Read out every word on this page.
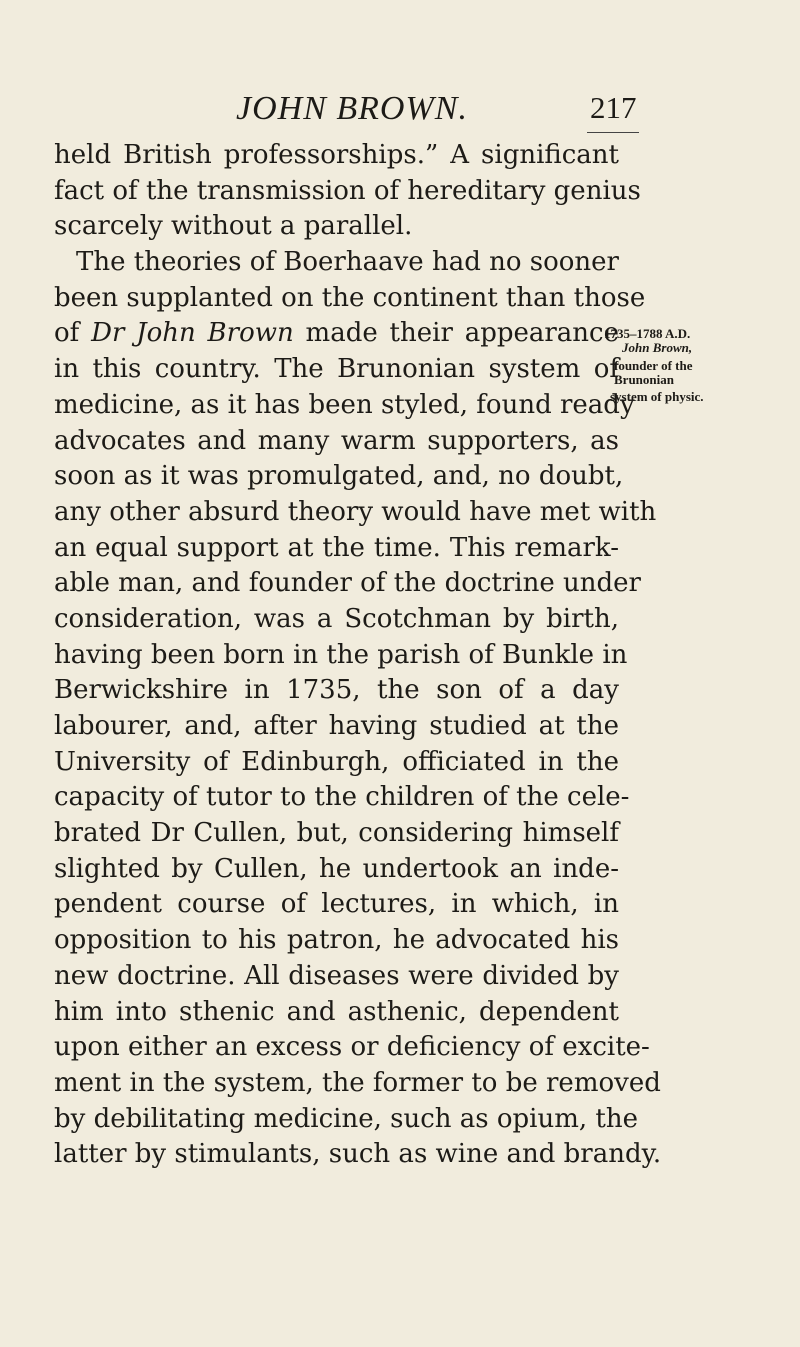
JOHN BROWN.	217
held British professorships.” A significant
fact of the transmission of hereditary genius
scarcely without a parallel.
The theories of Boerhaave had no sooner
been supplanted on the continent than those
of Dr John Brown made their appearance
in this country. The Brunonian system of
medicine, as it has been styled, found ready
advocates and many warm supporters, as
soon as it was promulgated, and, no doubt,
any other absurd theory would have met with
an equal support at the time. This remark-
able man, and founder of the doctrine under
consideration, was a Scotchman by birth,
having been born in the parish of Bunkle in
Berwickshire in 1735, the son of a day
labourer, and, after having studied at the
University of Edinburgh, officiated in the
capacity of tutor to the children of the cele-
brated Dr Cullen, but, considering himself
slighted by Cullen, he undertook an inde-
pendent course of lectures, in which, in
opposition to his patron, he advocated his
new doctrine. All diseases were divided by
him into sthenic and asthenic, dependent
upon either an excess or deficiency of excite-
ment in the system, the former to be removed
by debilitating medicine, such as opium, the
latter by stimulants, such as wine and brandy.
1735–1788 A.D.
John Brown,
founder of the
Brunonian
system of physic.
